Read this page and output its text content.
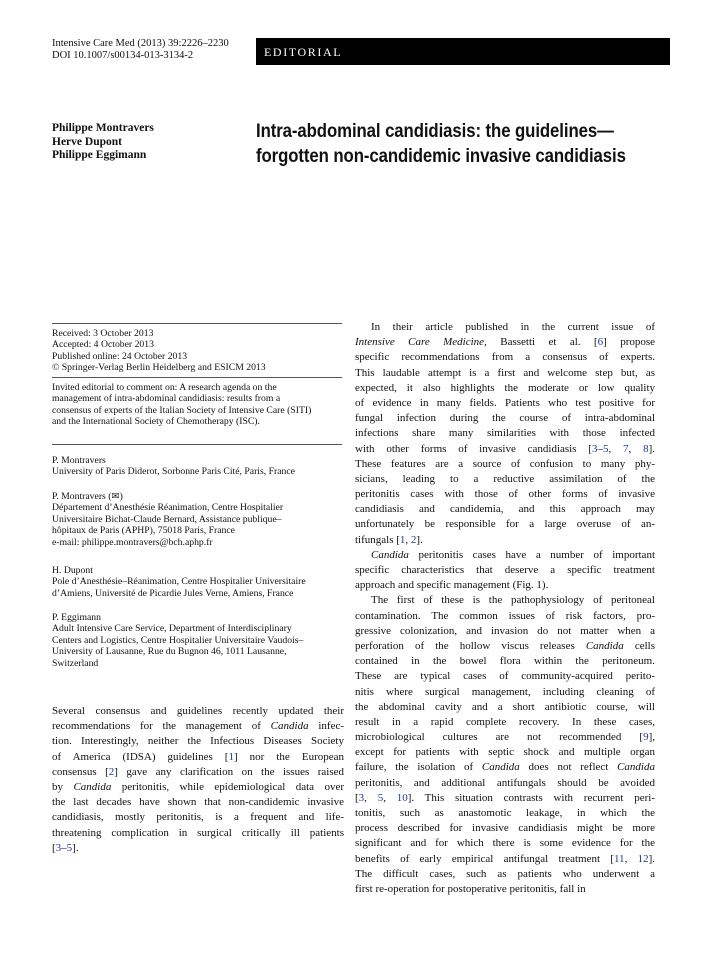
Intensive Care Med (2013) 39:2226–2230
DOI 10.1007/s00134-013-3134-2	EDITORIAL
Philippe Montravers
Herve Dupont
Philippe Eggimann
Intra-abdominal candidiasis: the guidelines—
forgotten non-candidemic invasive candidiasis
Received: 3 October 2013
Accepted: 4 October 2013
Published online: 24 October 2013
© Springer-Verlag Berlin Heidelberg and ESICM 2013
Invited editorial to comment on: A research agenda on the
management of intra-abdominal candidiasis: results from a
consensus of experts of the Italian Society of Intensive Care (SITI)
and the International Society of Chemotherapy (ISC).
P. Montravers
University of Paris Diderot, Sorbonne Paris Cité, Paris, France
P. Montravers (✉)
Département d’Anesthésie Réanimation, Centre Hospitalier
Universitaire Bichat-Claude Bernard, Assistance publique–
hôpitaux de Paris (APHP), 75018 Paris, France
e-mail: philippe.montravers@bch.aphp.fr
H. Dupont
Pole d’Anesthésie–Réanimation, Centre Hospitalier Universitaire
d’Amiens, Université de Picardie Jules Verne, Amiens, France
P. Eggimann
Adult Intensive Care Service, Department of Interdisciplinary
Centers and Logistics, Centre Hospitalier Universitaire Vaudois–
University of Lausanne, Rue du Bugnon 46, 1011 Lausanne,
Switzerland
Several consensus and guidelines recently updated their
recommendations for the management of Candida infec-
tion. Interestingly, neither the Infectious Diseases Society
of America (IDSA) guidelines [1] nor the European
consensus [2] gave any clarification on the issues raised
by Candida peritonitis, while epidemiological data over
the last decades have shown that non-candidemic invasive
candidiasis, mostly peritonitis, is a frequent and life-
threatening complication in surgical critically ill patients
[3–5].
In their article published in the current issue of
Intensive Care Medicine, Bassetti et al. [6] propose
specific recommendations from a consensus of experts.
This laudable attempt is a first and welcome step but, as
expected, it also highlights the moderate or low quality
of evidence in many fields. Patients who test positive for
fungal infection during the course of intra-abdominal
infections share many similarities with those infected
with other forms of invasive candidiasis [3–5, 7, 8].
These features are a source of confusion to many phy-
sicians, leading to a reductive assimilation of the
peritonitis cases with those of other forms of invasive
candidiasis and candidemia, and this approach may
unfortunately be responsible for a large overuse of an-
tifungals [1, 2].
Candida peritonitis cases have a number of important
specific characteristics that deserve a specific treatment
approach and specific management (Fig. 1).
The first of these is the pathophysiology of peritoneal
contamination. The common issues of risk factors, pro-
gressive colonization, and invasion do not matter when a
perforation of the hollow viscus releases Candida cells
contained in the bowel flora within the peritoneum.
These are typical cases of community-acquired perito-
nitis where surgical management, including cleaning of
the abdominal cavity and a short antibiotic course, will
result in a rapid complete recovery. In these cases,
microbiological cultures are not recommended [9],
except for patients with septic shock and multiple organ
failure, the isolation of Candida does not reflect Candida
peritonitis, and additional antifungals should be avoided
[3, 5, 10]. This situation contrasts with recurrent peri-
tonitis, such as anastomotic leakage, in which the
process described for invasive candidiasis might be more
significant and for which there is some evidence for the
benefits of early empirical antifungal treatment [11, 12].
The difficult cases, such as patients who underwent a
first re-operation for postoperative peritonitis, fall in
